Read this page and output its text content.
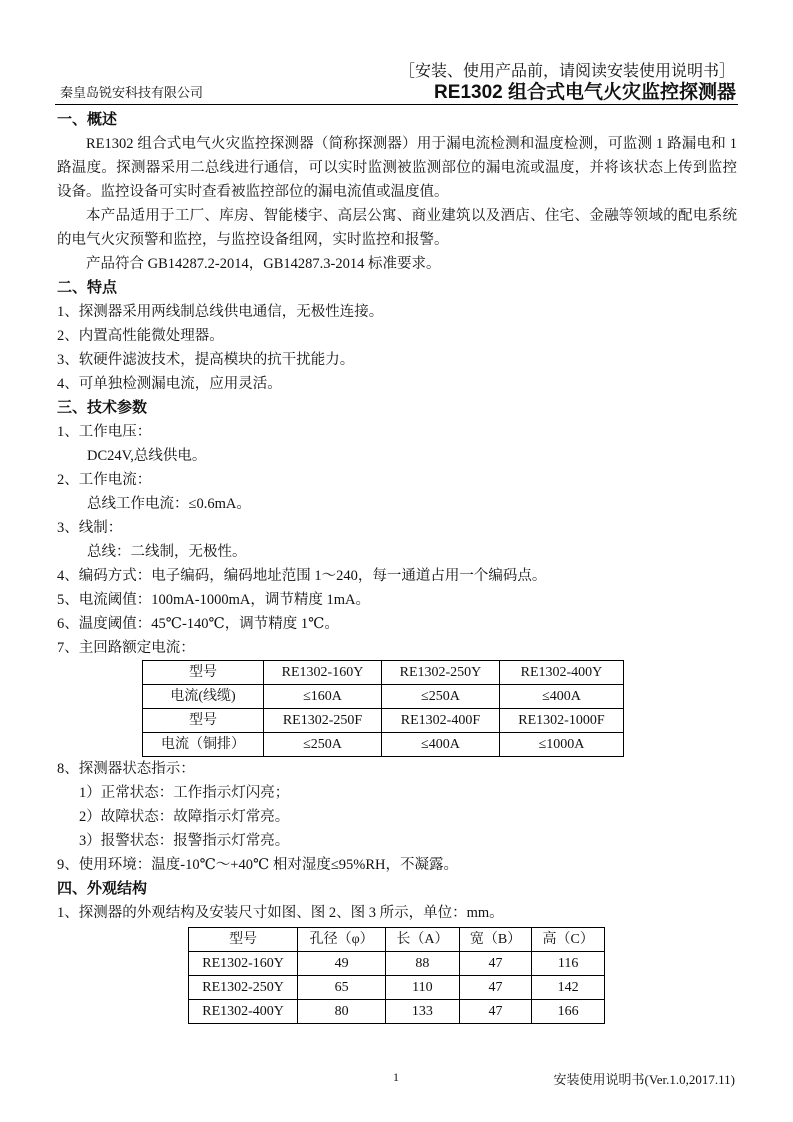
［安装、使用产品前，请阅读安装使用说明书］
秦皇岛锐安科技有限公司	RE1302 组合式电气火灾监控探测器

一、概述

RE1302 组合式电气火灾监控探测器（简称探测器）用于漏电流检测和温度检测，可监测 1 路漏电和 1 路温度。探测器采用二总线进行通信，可以实时监测被监测部位的漏电流或温度，并将该状态上传到监控设备。监控设备可实时查看被监控部位的漏电流值或温度值。

本产品适用于工厂、库房、智能楼宇、高层公寓、商业建筑以及酒店、住宅、金融等领域的配电系统的电气火灾预警和监控，与监控设备组网，实时监控和报警。

产品符合 GB14287.2-2014，GB14287.3-2014 标准要求。

二、特点

1、探测器采用两线制总线供电通信，无极性连接。

2、内置高性能微处理器。

3、软硬件滤波技术，提高模块的抗干扰能力。

4、可单独检测漏电流，应用灵活。

三、技术参数

1、工作电压：

DC24V,总线供电。

2、工作电流：

总线工作电流：≤0.6mA。

3、线制：

总线：二线制，无极性。

4、编码方式：电子编码，编码地址范围 1～240，每一通道占用一个编码点。

5、电流阈值：100mA-1000mA，调节精度 1mA。

6、温度阈值：45℃-140℃，调节精度 1℃。

7、主回路额定电流：

型号	RE1302-160Y	RE1302-250Y	RE1302-400Y
电流(线缆)	≤160A	≤250A	≤400A
型号	RE1302-250F	RE1302-400F	RE1302-1000F
电流（铜排）	≤250A	≤400A	≤1000A

8、探测器状态指示：

1）正常状态：工作指示灯闪亮；

2）故障状态：故障指示灯常亮。

3）报警状态：报警指示灯常亮。

9、使用环境：温度-10℃～+40℃ 相对湿度≤95%RH，不凝露。

四、外观结构

1、探测器的外观结构及安装尺寸如图、图 2、图 3 所示，单位：mm。

型号	孔径（φ）	长（A）	宽（B）	高（C）
RE1302-160Y	49	88	47	116
RE1302-250Y	65	110	47	142
RE1302-400Y	80	133	47	166
1	安装使用说明书(Ver.1.0,2017.11)
